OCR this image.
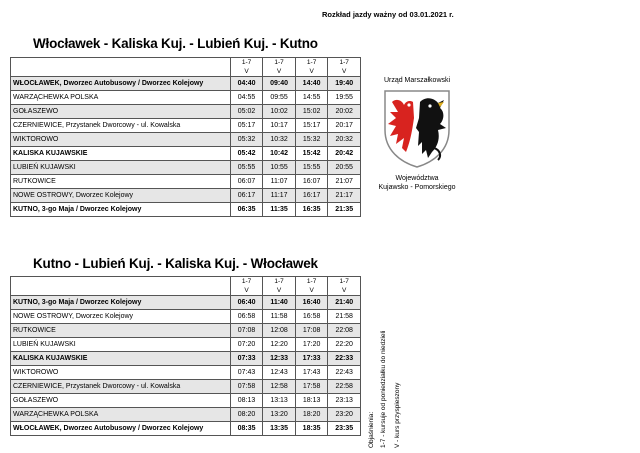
Rozkład jazdy ważny od 03.01.2021 r.
Włocławek - Kaliska Kuj. - Lubień Kuj. - Kutno
	1-7	1-7	1-7	1-7
	V	V	V	V
WŁOCŁAWEK, Dworzec Autobusowy / Dworzec Kolejowy	04:40	09:40	14:40	19:40
WARZĄCHEWKA POLSKA	04:55	09:55	14:55	19:55
GOŁASZEWO	05:02	10:02	15:02	20:02
CZERNIEWICE, Przystanek Dworcowy - ul. Kowalska	05:17	10:17	15:17	20:17
WIKTOROWO	05:32	10:32	15:32	20:32
KALISKA KUJAWSKIE	05:42	10:42	15:42	20:42
LUBIEŃ KUJAWSKI	05:55	10:55	15:55	20:55
RUTKOWICE	06:07	11:07	16:07	21:07
NOWE OSTROWY, Dworzec Kolejowy	06:17	11:17	16:17	21:17
KUTNO, 3-go Maja / Dworzec Kolejowy	06:35	11:35	16:35	21:35
Kutno - Lubień Kuj. - Kaliska Kuj. - Włocławek
	1-7	1-7	1-7	1-7
	V	V	V	V
KUTNO, 3-go Maja / Dworzec Kolejowy	06:40	11:40	16:40	21:40
NOWE OSTROWY, Dworzec Kolejowy	06:58	11:58	16:58	21:58
RUTKOWICE	07:08	12:08	17:08	22:08
LUBIEŃ KUJAWSKI	07:20	12:20	17:20	22:20
KALISKA KUJAWSKIE	07:33	12:33	17:33	22:33
WIKTOROWO	07:43	12:43	17:43	22:43
CZERNIEWICE, Przystanek Dworcowy - ul. Kowalska	07:58	12:58	17:58	22:58
GOŁASZEWO	08:13	13:13	18:13	23:13
WARZĄCHEWKA POLSKA	08:20	13:20	18:20	23:20
WŁOCŁAWEK, Dworzec Autobusowy / Dworzec Kolejowy	08:35	13:35	18:35	23:35
Urząd Marszałkowski
Województwa
Kujawsko - Pomorskiego
Objaśnienia: 1-7 - kursuje od poniedziałku do niedzieli V - kurs przyspieszony
